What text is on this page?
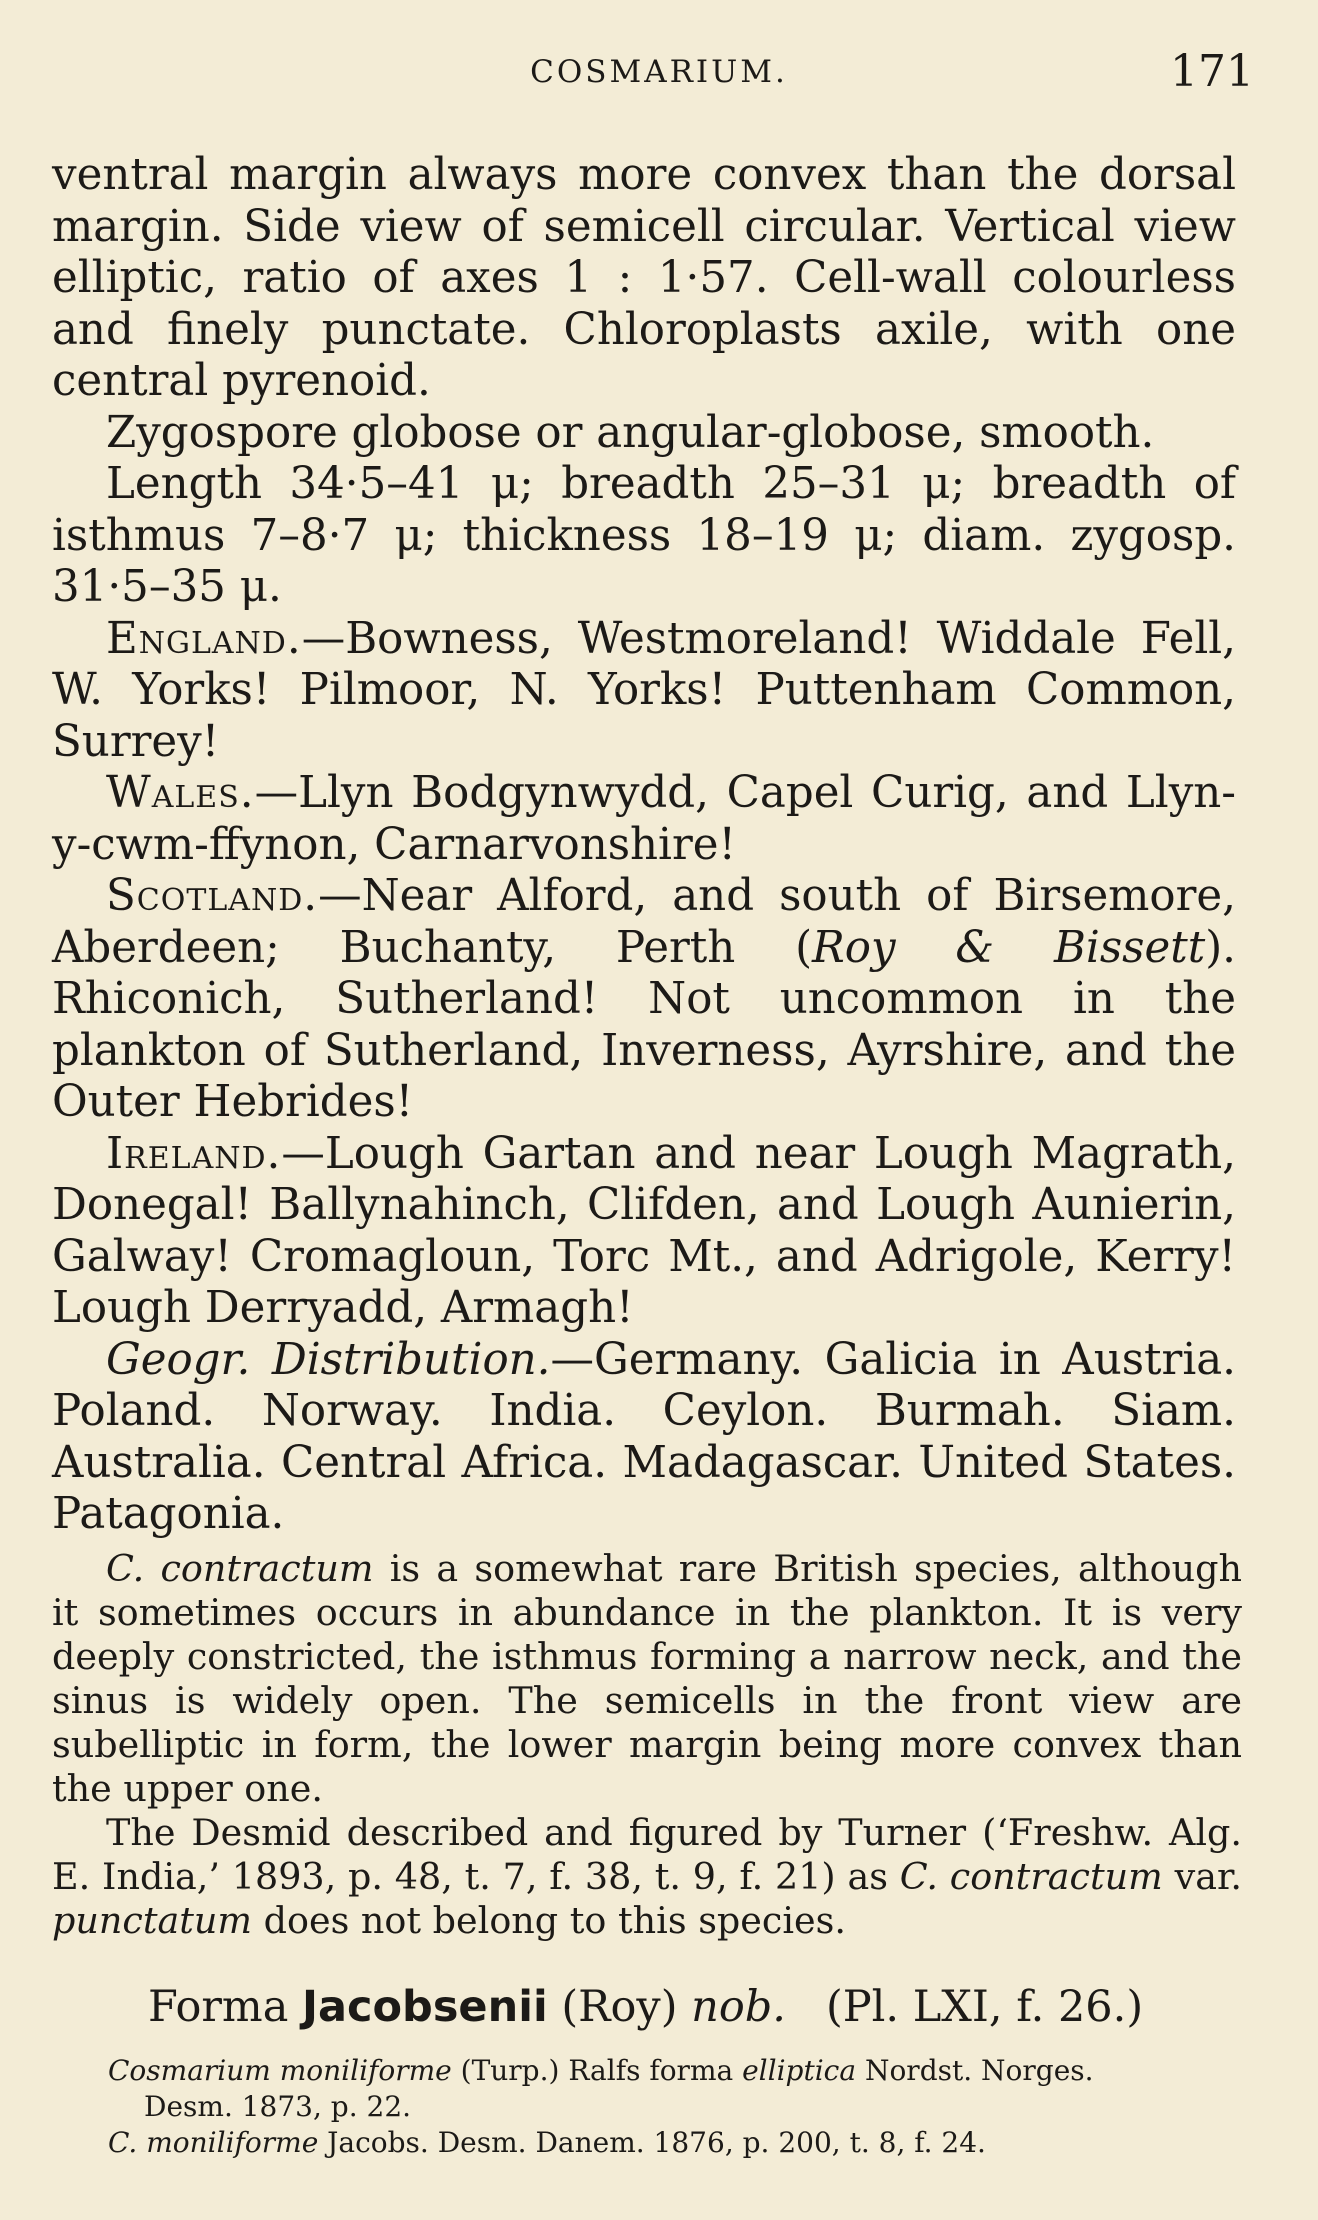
COSMARIUM.	171

ventral margin always more convex than the dorsal margin. Side view of semicell circular. Vertical view elliptic, ratio of axes 1 : 1·57. Cell-wall colourless and finely punctate. Chloroplasts axile, with one central pyrenoid.

Zygospore globose or angular-globose, smooth.

Length 34·5–41 μ; breadth 25–31 μ; breadth of isthmus 7–8·7 μ; thickness 18–19 μ; diam. zygosp. 31·5–35 μ.

England.—Bowness, Westmoreland! Widdale Fell, W. Yorks! Pilmoor, N. Yorks! Puttenham Common, Surrey!

Wales.—Llyn Bodgynwydd, Capel Curig, and Llyn-y-cwm-ffynon, Carnarvonshire!

Scotland.—Near Alford, and south of Birsemore, Aberdeen; Buchanty, Perth (Roy & Bissett). Rhiconich, Sutherland! Not uncommon in the plankton of Sutherland, Inverness, Ayrshire, and the Outer Hebrides!

Ireland.—Lough Gartan and near Lough Magrath, Donegal! Ballynahinch, Clifden, and Lough Aunierin, Galway! Cromagloun, Torc Mt., and Adrigole, Kerry! Lough Derryadd, Armagh!

Geogr. Distribution.—Germany. Galicia in Austria. Poland. Norway. India. Ceylon. Burmah. Siam. Australia. Central Africa. Madagascar. United States. Patagonia.

C. contractum is a somewhat rare British species, although it sometimes occurs in abundance in the plankton. It is very deeply constricted, the isthmus forming a narrow neck, and the sinus is widely open. The semicells in the front view are subelliptic in form, the lower margin being more convex than the upper one.

The Desmid described and figured by Turner (‘Freshw. Alg. E. India,’ 1893, p. 48, t. 7, f. 38, t. 9, f. 21) as C. contractum var. punctatum does not belong to this species.

Forma Jacobsenii (Roy) nob. (Pl. LXI, f. 26.)

Cosmarium moniliforme (Turp.) Ralfs forma elliptica Nordst. Norges.

Desm. 1873, p. 22.

C. moniliforme Jacobs. Desm. Danem. 1876, p. 200, t. 8, f. 24.
